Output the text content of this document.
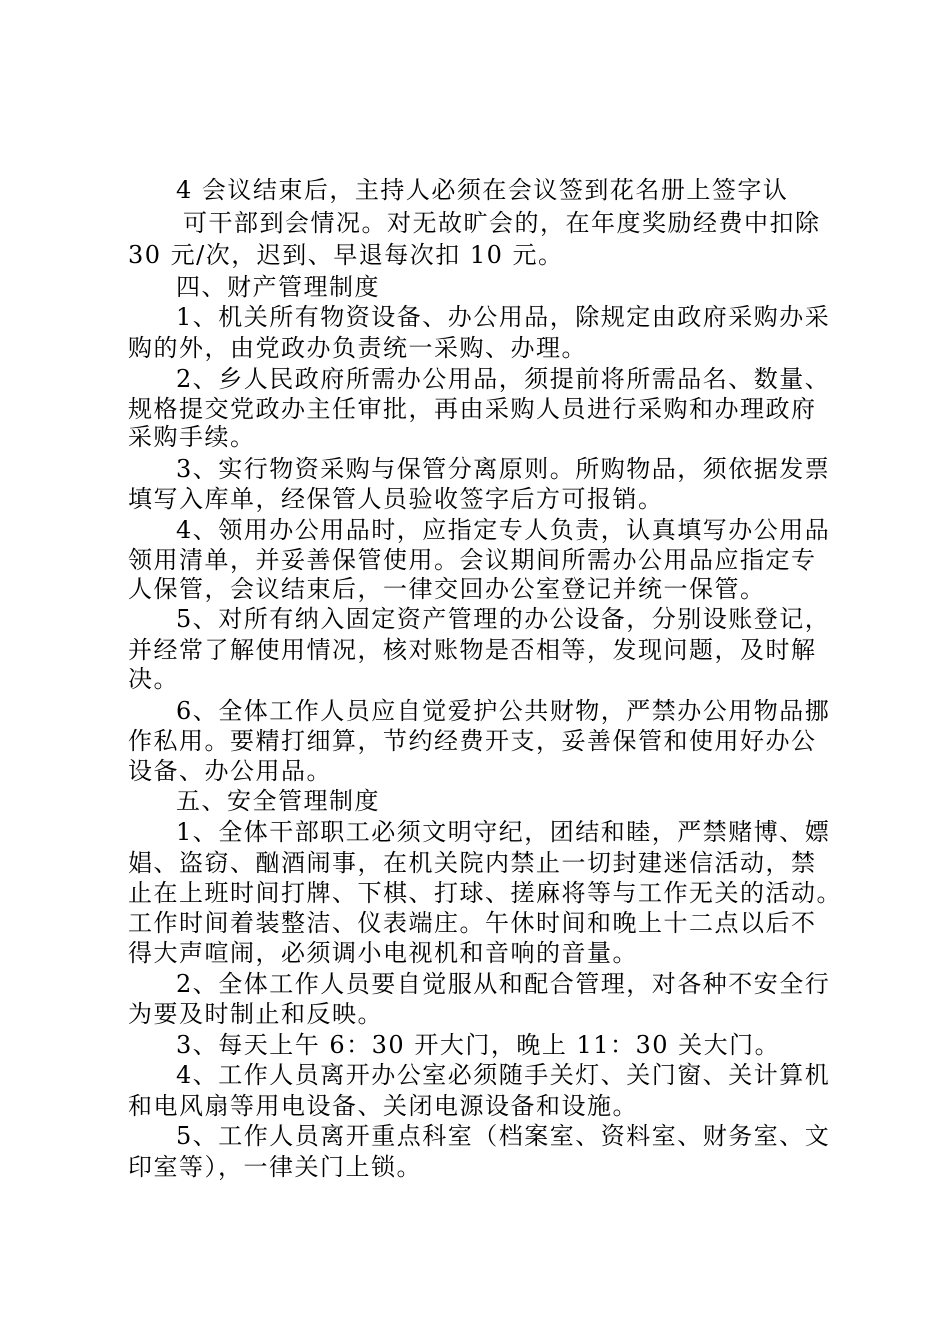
4 会议结束后，主持人必须在会议签到花名册上签字认
可干部到会情况。对无故旷会的，在年度奖励经费中扣除
30 元/次，迟到、早退每次扣 10 元。
四、财产管理制度
1、机关所有物资设备、办公用品，除规定由政府采购办采
购的外，由党政办负责统一采购、办理。
2、乡人民政府所需办公用品，须提前将所需品名、数量、
规格提交党政办主任审批，再由采购人员进行采购和办理政府
采购手续。
3、实行物资采购与保管分离原则。所购物品，须依据发票
填写入库单，经保管人员验收签字后方可报销。
4、领用办公用品时，应指定专人负责，认真填写办公用品
领用清单，并妥善保管使用。会议期间所需办公用品应指定专
人保管，会议结束后，一律交回办公室登记并统一保管。
5、对所有纳入固定资产管理的办公设备，分别设账登记，
并经常了解使用情况，核对账物是否相等，发现问题，及时解
决。
6、全体工作人员应自觉爱护公共财物，严禁办公用物品挪
作私用。要精打细算，节约经费开支，妥善保管和使用好办公
设备、办公用品。
五、安全管理制度
1、全体干部职工必须文明守纪，团结和睦，严禁赌博、嫖
娼、盗窃、酗酒闹事，在机关院内禁止一切封建迷信活动，禁
止在上班时间打牌、下棋、打球、搓麻将等与工作无关的活动。
工作时间着装整洁、仪表端庄。午休时间和晚上十二点以后不
得大声喧闹，必须调小电视机和音响的音量。
2、全体工作人员要自觉服从和配合管理，对各种不安全行
为要及时制止和反映。
3、每天上午 6：30 开大门，晚上 11：30 关大门。
4、工作人员离开办公室必须随手关灯、关门窗、关计算机
和电风扇等用电设备、关闭电源设备和设施。
5、工作人员离开重点科室（档案室、资料室、财务室、文
印室等），一律关门上锁。
